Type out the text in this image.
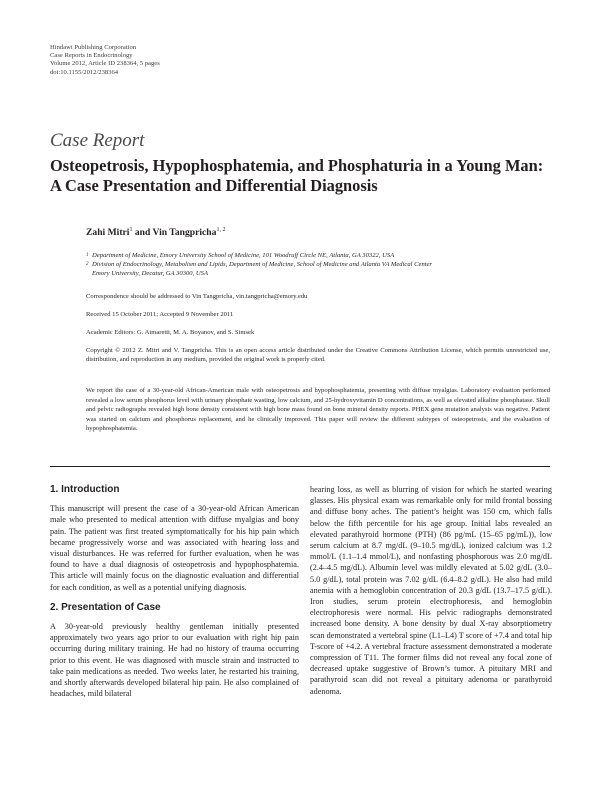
Hindawi Publishing Corporation
Case Reports in Endocrinology
Volume 2012, Article ID 238364, 5 pages
doi:10.1155/2012/238364
Case Report
Osteopetrosis, Hypophosphatemia, and Phosphaturia in a Young Man: A Case Presentation and Differential Diagnosis
Zahi Mitri$^1$ and Vin Tangpricha$^{1, 2}$
1 Department of Medicine, Emory University School of Medicine, 101 Woodruff Circle NE, Atlanta, GA 30322, USA
2 Division of Endocrinology, Metabolism and Lipids, Department of Medicine, School of Medicine and Atlanta VA Medical Center
Emory University, Decatur, GA 30300, USA
Correspondence should be addressed to Vin Tangpricha, vin.tangpricha@emory.edu
Received 15 October 2011; Accepted 9 November 2011
Academic Editors: G. Aimaretti, M. A. Boyanov, and S. Simsek
Copyright © 2012 Z. Mitri and V. Tangpricha. This is an open access article distributed under the Creative Commons Attribution License, which permits unrestricted use, distribution, and reproduction in any medium, provided the original work is properly cited.
We report the case of a 30-year-old African-American male with osteopetrosis and hypophosphatemia, presenting with diffuse myalgias. Laboratory evaluation performed revealed a low serum phosphorus level with urinary phosphate wasting, low calcium, and 25-hydroxyvitamin D concentrations, as well as elevated alkaline phosphatase. Skull and pelvic radiographs revealed high bone density consistent with high bone mass found on bone mineral density reports. PHEX gene mutation analysis was negative. Patient was started on calcium and phosphorus replacement, and he clinically improved. This paper will review the different subtypes of osteopetrosis, and the evaluation of hypophosphatemia.
1. Introduction

This manuscript will present the case of a 30-year-old African American male who presented to medical attention with diffuse myalgias and bony pain. The patient was first treated symptomatically for his hip pain which became progressively worse and was associated with hearing loss and visual disturbances. He was referred for further evaluation, when he was found to have a dual diagnosis of osteopetrosis and hypophosphatemia. This article will mainly focus on the diagnostic evaluation and differential for each condition, as well as a potential unifying diagnosis.

2. Presentation of Case

A 30-year-old previously healthy gentleman initially presented approximately two years ago prior to our evaluation with right hip pain occurring during military training. He had no history of trauma occurring prior to this event. He was diagnosed with muscle strain and instructed to take pain medications as needed. Two weeks later, he restarted his training, and shortly afterwards developed bilateral hip pain. He also complained of headaches, mild bilateral

hearing loss, as well as blurring of vision for which he started wearing glasses. His physical exam was remarkable only for mild frontal bossing and diffuse bony aches. The patient’s height was 150 cm, which falls below the fifth percentile for his age group. Initial labs revealed an elevated parathyroid hormone (PTH) (86 pg/mL (15–65 pg/mL)), low serum calcium at 8.7 mg/dL (9–10.5 mg/dL), ionized calcium was 1.2 mmol/L (1.1–1.4 mmol/L), and nonfasting phosphorous was 2.0 mg/dL (2.4–4.5 mg/dL). Albumin level was mildly elevated at 5.02 g/dL (3.0–5.0 g/dL), total protein was 7.02 g/dL (6.4–8.2 g/dL). He also had mild anemia with a hemoglobin concentration of 20.3 g/dL (13.7–17.5 g/dL). Iron studies, serum protein electrophoresis, and hemoglobin electrophoresis were normal. His pelvic radiographs demonstrated increased bone density. A bone density by dual X-ray absorptiometry scan demonstrated a vertebral spine (L1–L4) T score of +7.4 and total hip T-score of +4.2. A vertebral fracture assessment demonstrated a moderate compression of T11. The former films did not reveal any focal zone of decreased uptake suggestive of Brown’s tumor. A pituitary MRI and parathyroid scan did not reveal a pituitary adenoma or parathyroid adenoma.
